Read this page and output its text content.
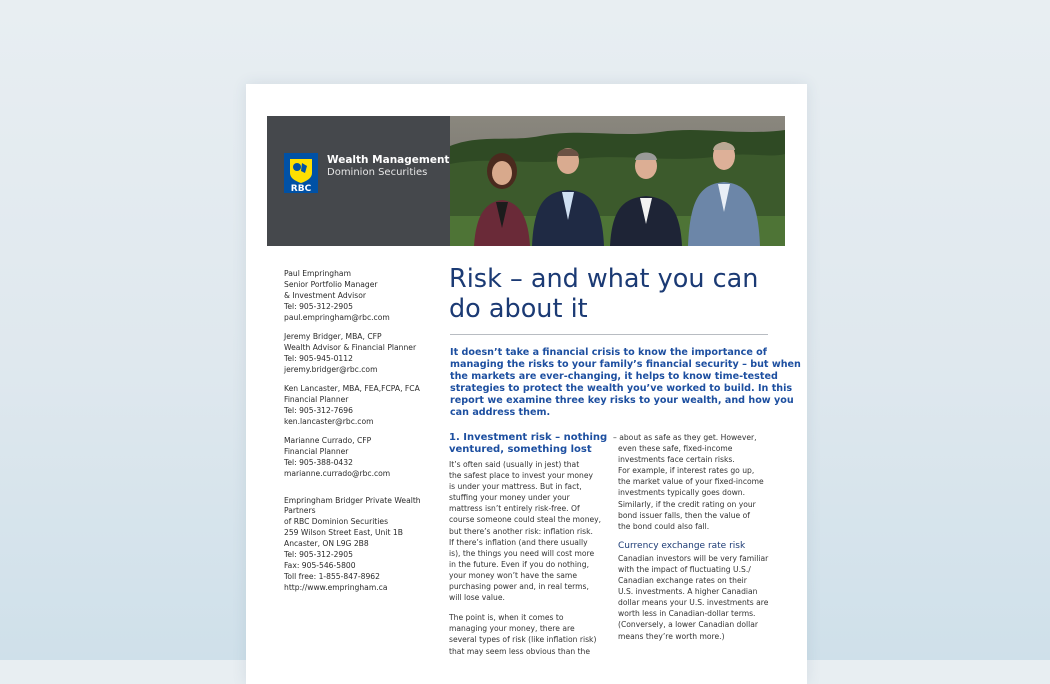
RBC
Wealth Management
Dominion Securities
Paul Empringham
Senior Portfolio Manager
& Investment Advisor
Tel: 905-312-2905
paul.empringham@rbc.com
Jeremy Bridger, MBA, CFP
Wealth Advisor & Financial Planner
Tel: 905-945-0112
jeremy.bridger@rbc.com
Ken Lancaster, MBA, FEA,FCPA, FCA
Financial Planner
Tel: 905-312-7696
ken.lancaster@rbc.com
Marianne Currado, CFP
Financial Planner
Tel: 905-388-0432
marianne.currado@rbc.com
Empringham Bridger Private Wealth
Partners
of RBC Dominion Securities
259 Wilson Street East, Unit 1B
Ancaster, ON L9G 2B8
Tel: 905-312-2905
Fax: 905-546-5800
Toll free: 1-855-847-8962
http://www.empringham.ca
Risk – and what you can
do about it
It doesn’t take a financial crisis to know the importance of
managing the risks to your family’s financial security – but when
the markets are ever-changing, it helps to know time-tested
strategies to protect the wealth you’ve worked to build. In this
report we examine three key risks to your wealth, and how you
can address them.
1. Investment risk – nothing
ventured, something lost
It’s often said (usually in jest) that
the safest place to invest your money
is under your mattress. But in fact,
stuffing your money under your
mattress isn’t entirely risk-free. Of
course someone could steal the money,
but there’s another risk: inflation risk.
If there’s inflation (and there usually
is), the things you need will cost more
in the future. Even if you do nothing,
your money won’t have the same
purchasing power and, in real terms,
will lose value.
The point is, when it comes to
managing your money, there are
several types of risk (like inflation risk)
that may seem less obvious than the
– about as safe as they get. However,
even these safe, fixed-income
investments face certain risks.
For example, if interest rates go up,
the market value of your fixed-income
investments typically goes down.
Similarly, if the credit rating on your
bond issuer falls, then the value of
the bond could also fall.
Currency exchange rate risk
Canadian investors will be very familiar
with the impact of fluctuating U.S./
Canadian exchange rates on their
U.S. investments. A higher Canadian
dollar means your U.S. investments are
worth less in Canadian-dollar terms.
(Conversely, a lower Canadian dollar
means they’re worth more.)
